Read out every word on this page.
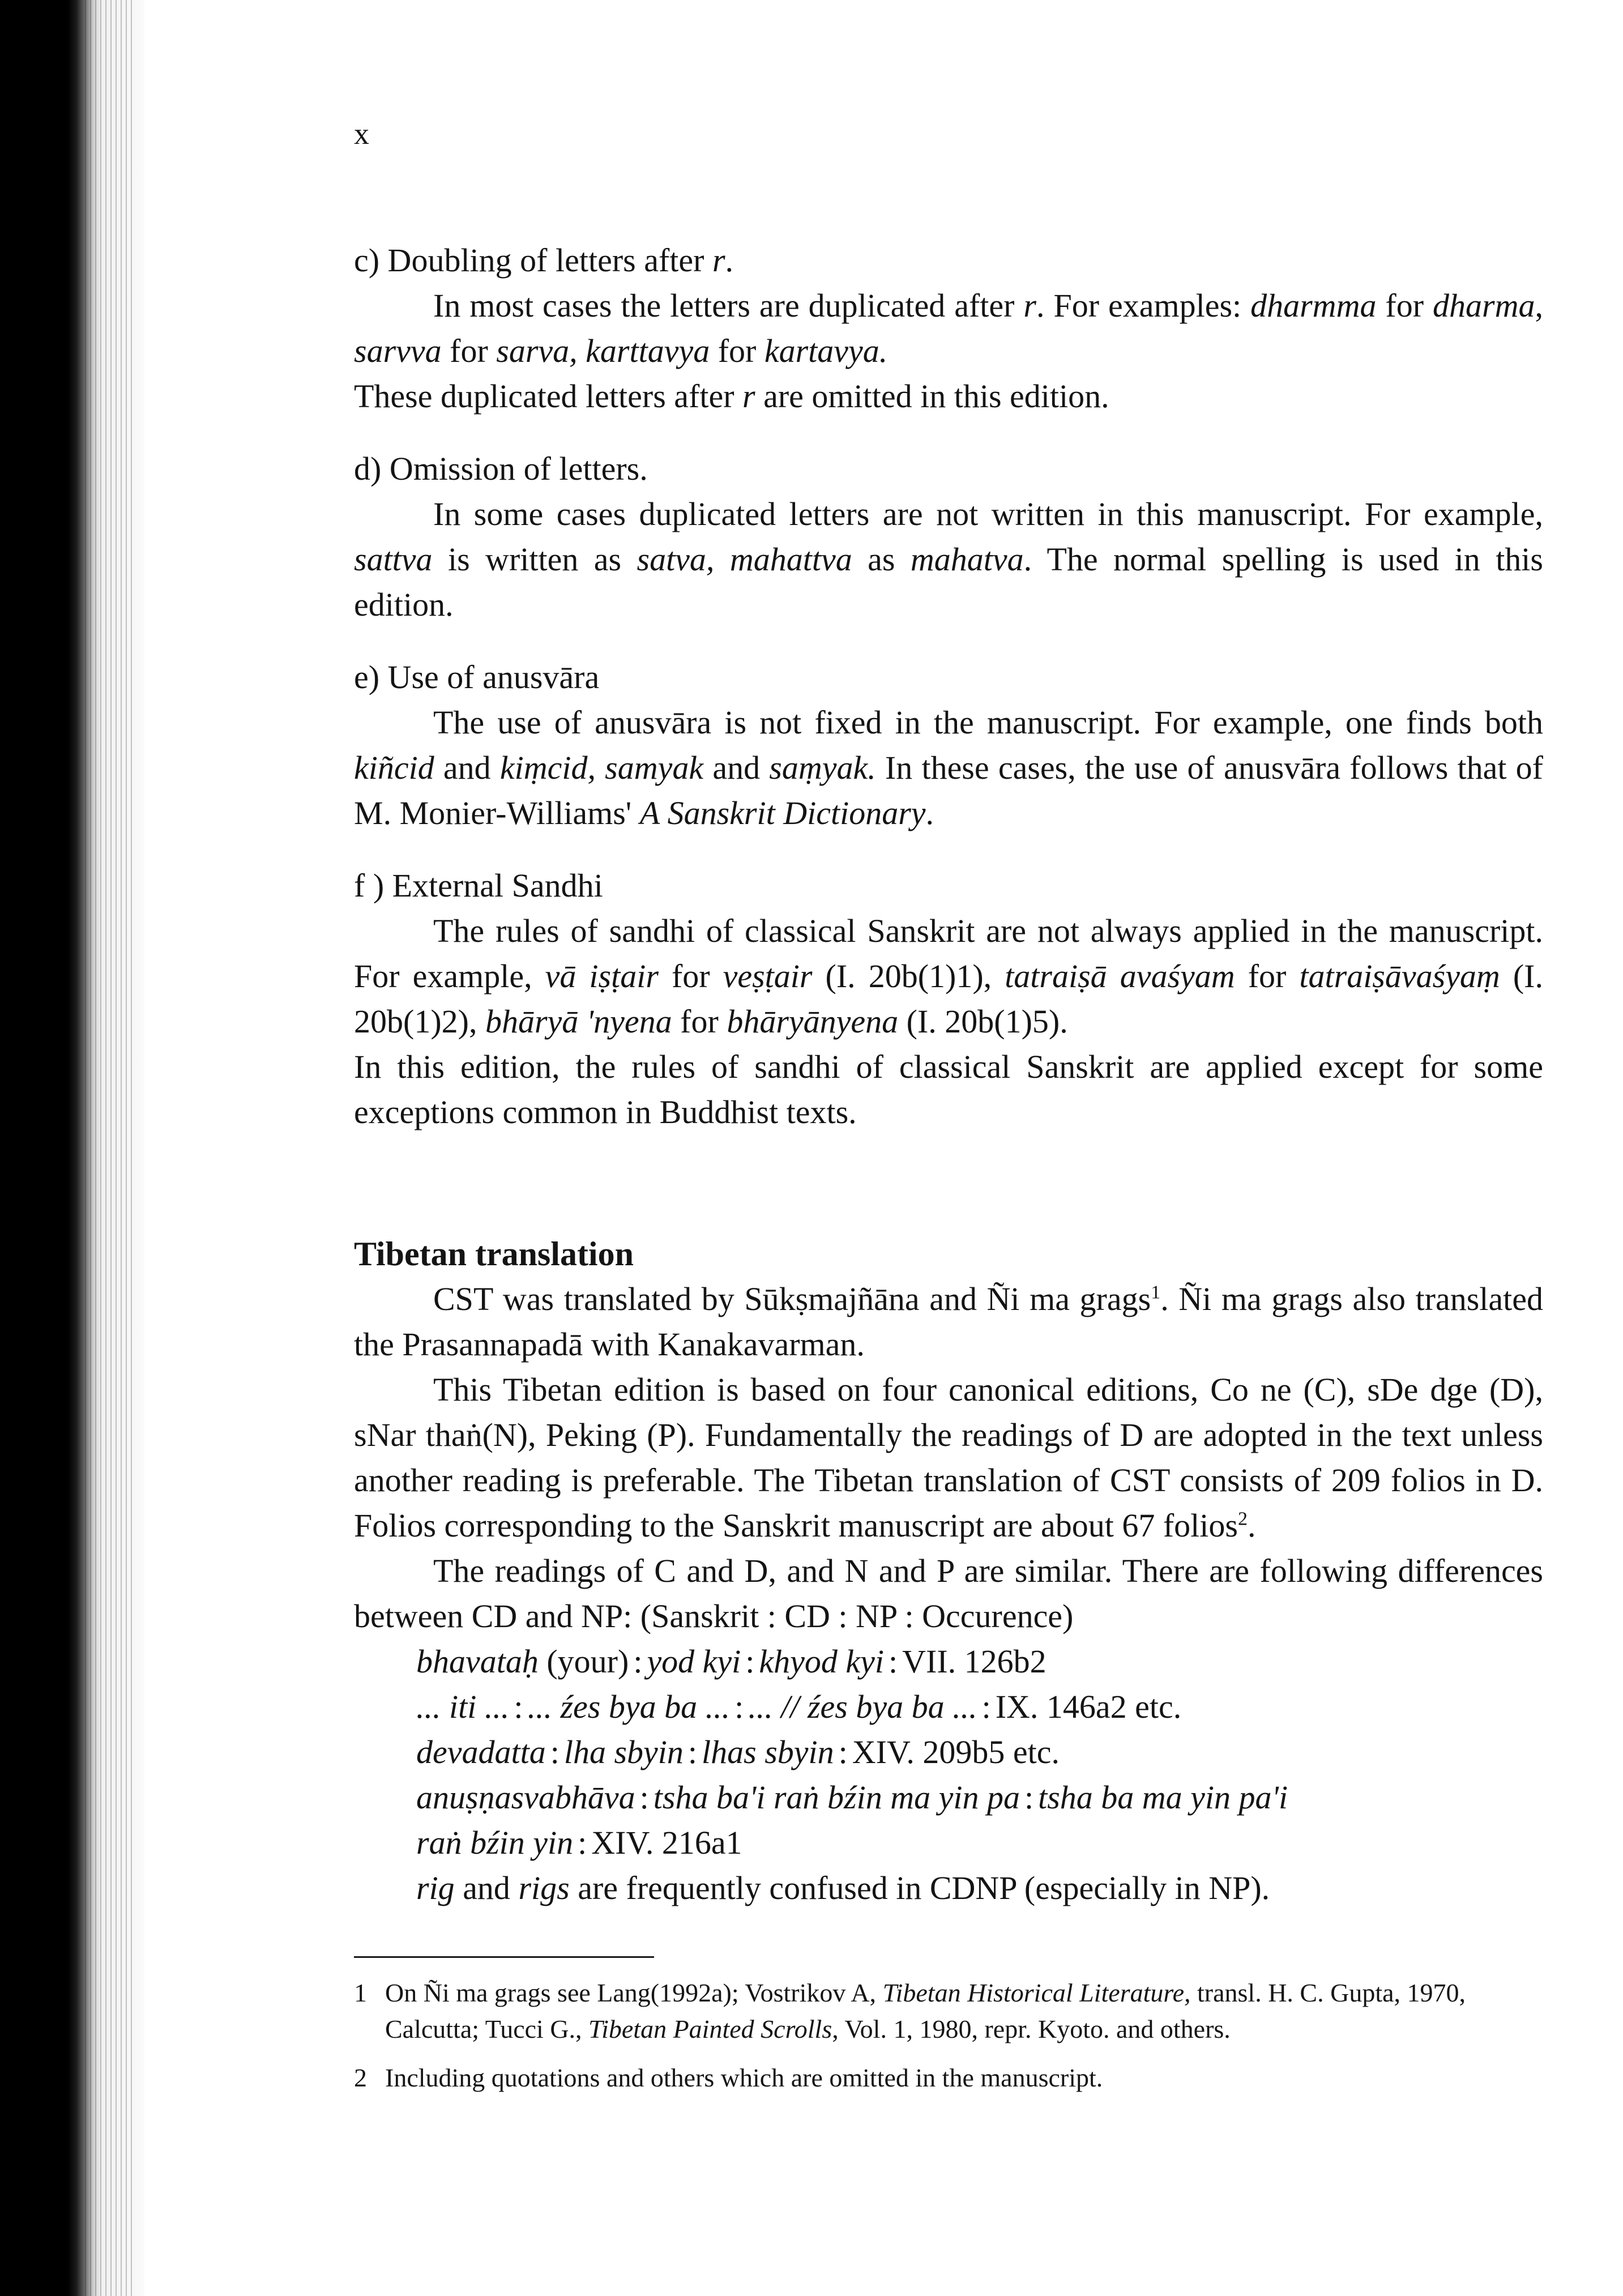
x

c) Doubling of letters after r.

In most cases the letters are duplicated after r. For examples: dharmma for dharma, sarvva for sarva, karttavya for kartavya.

These duplicated letters after r are omitted in this edition.

d) Omission of letters.

In some cases duplicated letters are not written in this manuscript. For example, sattva is written as satva, mahattva as mahatva. The normal spelling is used in this edition.

e) Use of anusvāra

The use of anusvāra is not fixed in the manuscript. For example, one finds both kiñcid and kiṃcid, samyak and saṃyak. In these cases, the use of anusvāra follows that of M. Monier-Williams' A Sanskrit Dictionary.

f ) External Sandhi

The rules of sandhi of classical Sanskrit are not always applied in the manuscript. For example, vā iṣṭair for veṣṭair (I. 20b(1)1), tatraiṣā avaśyam for tatraiṣāvaśyaṃ (I. 20b(1)2), bhāryā 'nyena for bhāryānyena (I. 20b(1)5).

In this edition, the rules of sandhi of classical Sanskrit are applied except for some exceptions common in Buddhist texts.

Tibetan translation

CST was translated by Sūkṣmajñāna and Ñi ma grags$^1$. Ñi ma grags also translated the Prasannapadā with Kanakavarman.

This Tibetan edition is based on four canonical editions, Co ne (C), sDe dge (D), sNar thaṅ(N), Peking (P). Fundamentally the readings of D are adopted in the text unless another reading is preferable. The Tibetan translation of CST consists of 209 folios in D. Folios corresponding to the Sanskrit manuscript are about 67 folios$^2$.

The readings of C and D, and N and P are similar. There are following differences between CD and NP: (Sanskrit : CD : NP : Occurence)

bhavataḥ (your) : yod kyi : khyod kyi : VII. 126b2

... iti ... : ... źes bya ba ... : ... // źes bya ba ... : IX. 146a2 etc.

devadatta : lha sbyin : lhas sbyin : XIV. 209b5 etc.

anuṣṇasvabhāva : tsha ba'i raṅ bźin ma yin pa : tsha ba ma yin pa'i

raṅ bźin yin : XIV. 216a1

rig and rigs are frequently confused in CDNP (especially in NP).

1 On Ñi ma grags see Lang(1992a); Vostrikov A, Tibetan Historical Literature, transl. H. C. Gupta, 1970, Calcutta; Tucci G., Tibetan Painted Scrolls, Vol. 1, 1980, repr. Kyoto. and others.
2 Including quotations and others which are omitted in the manuscript.
